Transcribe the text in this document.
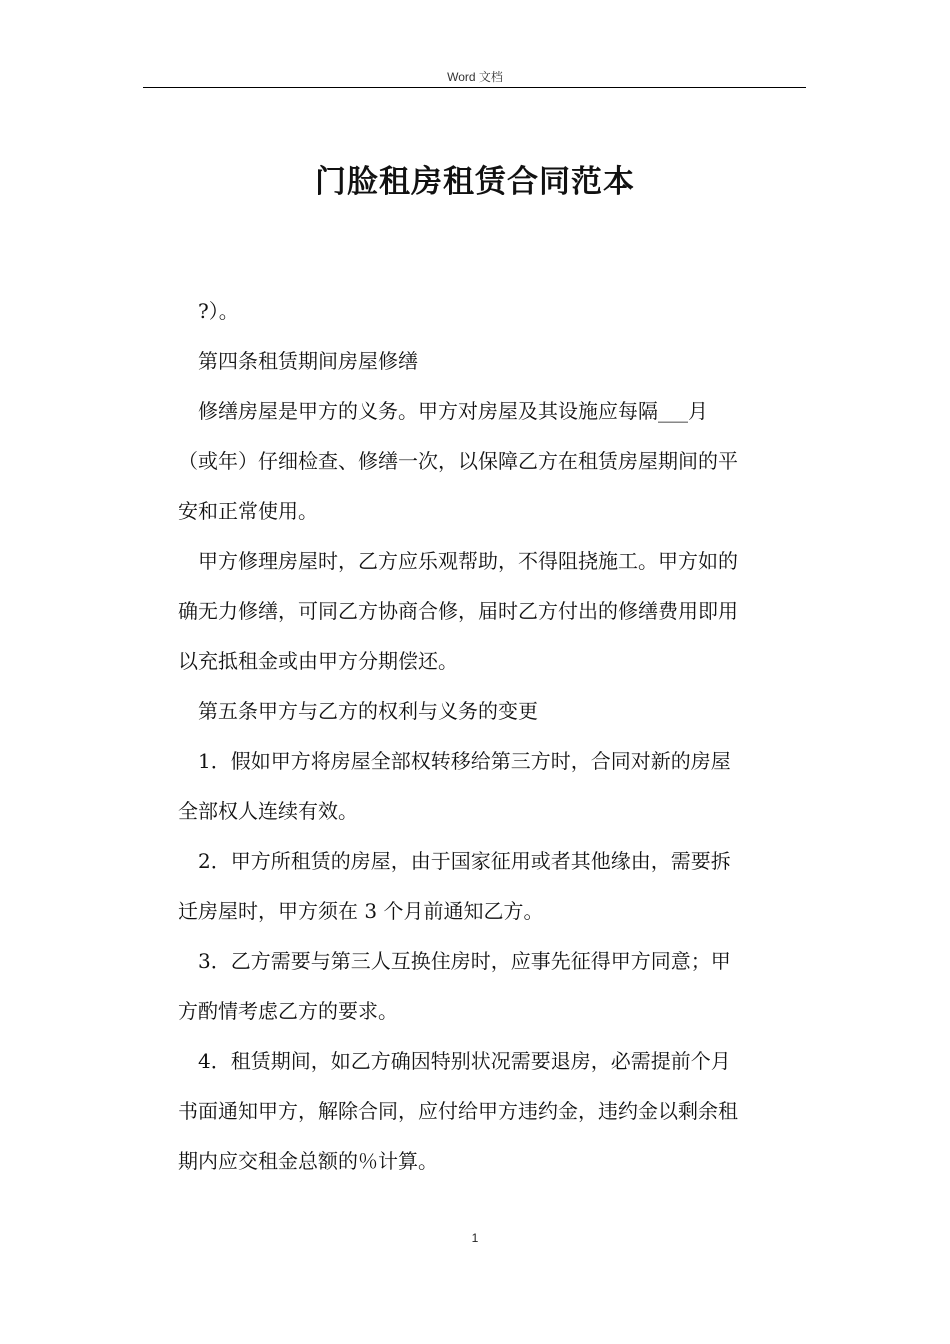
Word 文档
门脸租房租赁合同范本

?）。

第四条租赁期间房屋修缮

修缮房屋是甲方的义务。甲方对房屋及其设施应每隔___月

（或年）仔细检查、修缮一次，以保障乙方在租赁房屋期间的平

安和正常使用。

甲方修理房屋时，乙方应乐观帮助，不得阻挠施工。甲方如的

确无力修缮，可同乙方协商合修，届时乙方付出的修缮费用即用

以充抵租金或由甲方分期偿还。

第五条甲方与乙方的权利与义务的变更

1．假如甲方将房屋全部权转移给第三方时，合同对新的房屋

全部权人连续有效。

2．甲方所租赁的房屋，由于国家征用或者其他缘由，需要拆

迁房屋时，甲方须在 3 个月前通知乙方。

3．乙方需要与第三人互换住房时，应事先征得甲方同意；甲

方酌情考虑乙方的要求。

4．租赁期间，如乙方确因特别状况需要退房，必需提前个月

书面通知甲方，解除合同，应付给甲方违约金，违约金以剩余租

期内应交租金总额的％计算。

1
